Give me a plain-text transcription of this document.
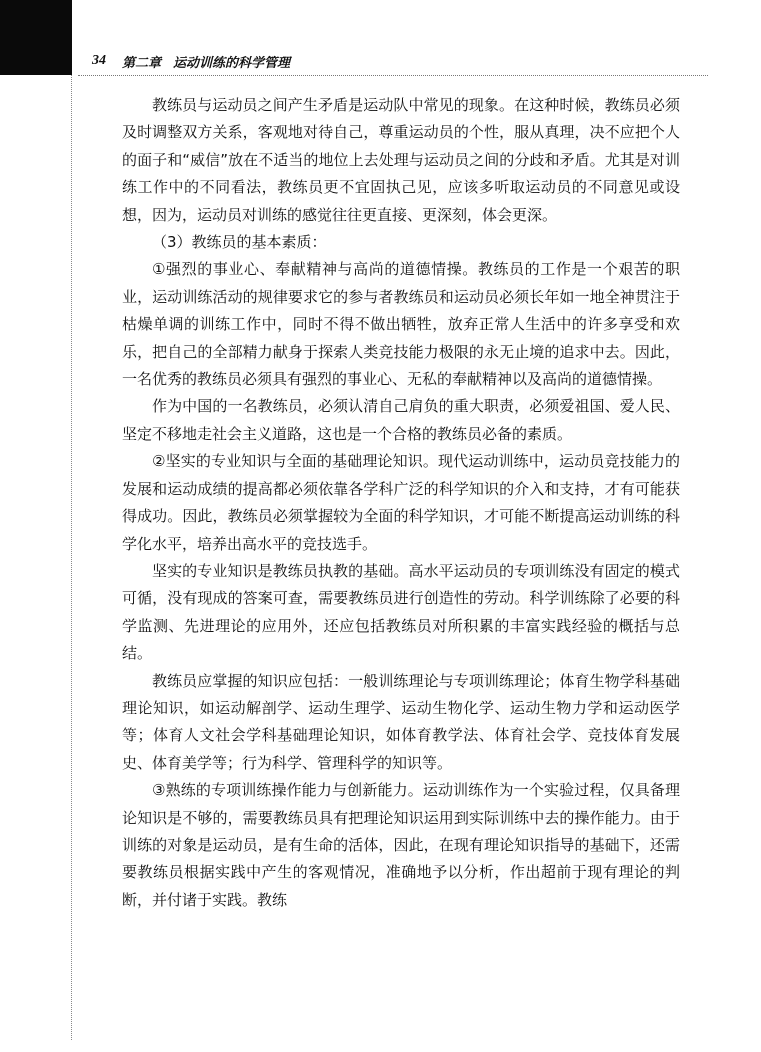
34 第二章 运动训练的科学管理

教练员与运动员之间产生矛盾是运动队中常见的现象。在这种时候，教练员必须及时调整双方关系，客观地对待自己，尊重运动员的个性，服从真理，决不应把个人的面子和“威信”放在不适当的地位上去处理与运动员之间的分歧和矛盾。尤其是对训练工作中的不同看法，教练员更不宜固执己见，应该多听取运动员的不同意见或设想，因为，运动员对训练的感觉往往更直接、更深刻，体会更深。

（3）教练员的基本素质：

①强烈的事业心、奉献精神与高尚的道德情操。教练员的工作是一个艰苦的职业，运动训练活动的规律要求它的参与者教练员和运动员必须长年如一地全神贯注于枯燥单调的训练工作中，同时不得不做出牺牲，放弃正常人生活中的许多享受和欢乐，把自己的全部精力献身于探索人类竞技能力极限的永无止境的追求中去。因此，一名优秀的教练员必须具有强烈的事业心、无私的奉献精神以及高尚的道德情操。

作为中国的一名教练员，必须认清自己肩负的重大职责，必须爱祖国、爱人民、坚定不移地走社会主义道路，这也是一个合格的教练员必备的素质。

②坚实的专业知识与全面的基础理论知识。现代运动训练中，运动员竞技能力的发展和运动成绩的提高都必须依靠各学科广泛的科学知识的介入和支持，才有可能获得成功。因此，教练员必须掌握较为全面的科学知识，才可能不断提高运动训练的科学化水平，培养出高水平的竞技选手。

坚实的专业知识是教练员执教的基础。高水平运动员的专项训练没有固定的模式可循，没有现成的答案可查，需要教练员进行创造性的劳动。科学训练除了必要的科学监测、先进理论的应用外，还应包括教练员对所积累的丰富实践经验的概括与总结。

教练员应掌握的知识应包括：一般训练理论与专项训练理论；体育生物学科基础理论知识，如运动解剖学、运动生理学、运动生物化学、运动生物力学和运动医学等；体育人文社会学科基础理论知识，如体育教学法、体育社会学、竞技体育发展史、体育美学等；行为科学、管理科学的知识等。

③熟练的专项训练操作能力与创新能力。运动训练作为一个实验过程，仅具备理论知识是不够的，需要教练员具有把理论知识运用到实际训练中去的操作能力。由于训练的对象是运动员，是有生命的活体，因此，在现有理论知识指导的基础下，还需要教练员根据实践中产生的客观情况，准确地予以分析，作出超前于现有理论的判断，并付诸于实践。教练
